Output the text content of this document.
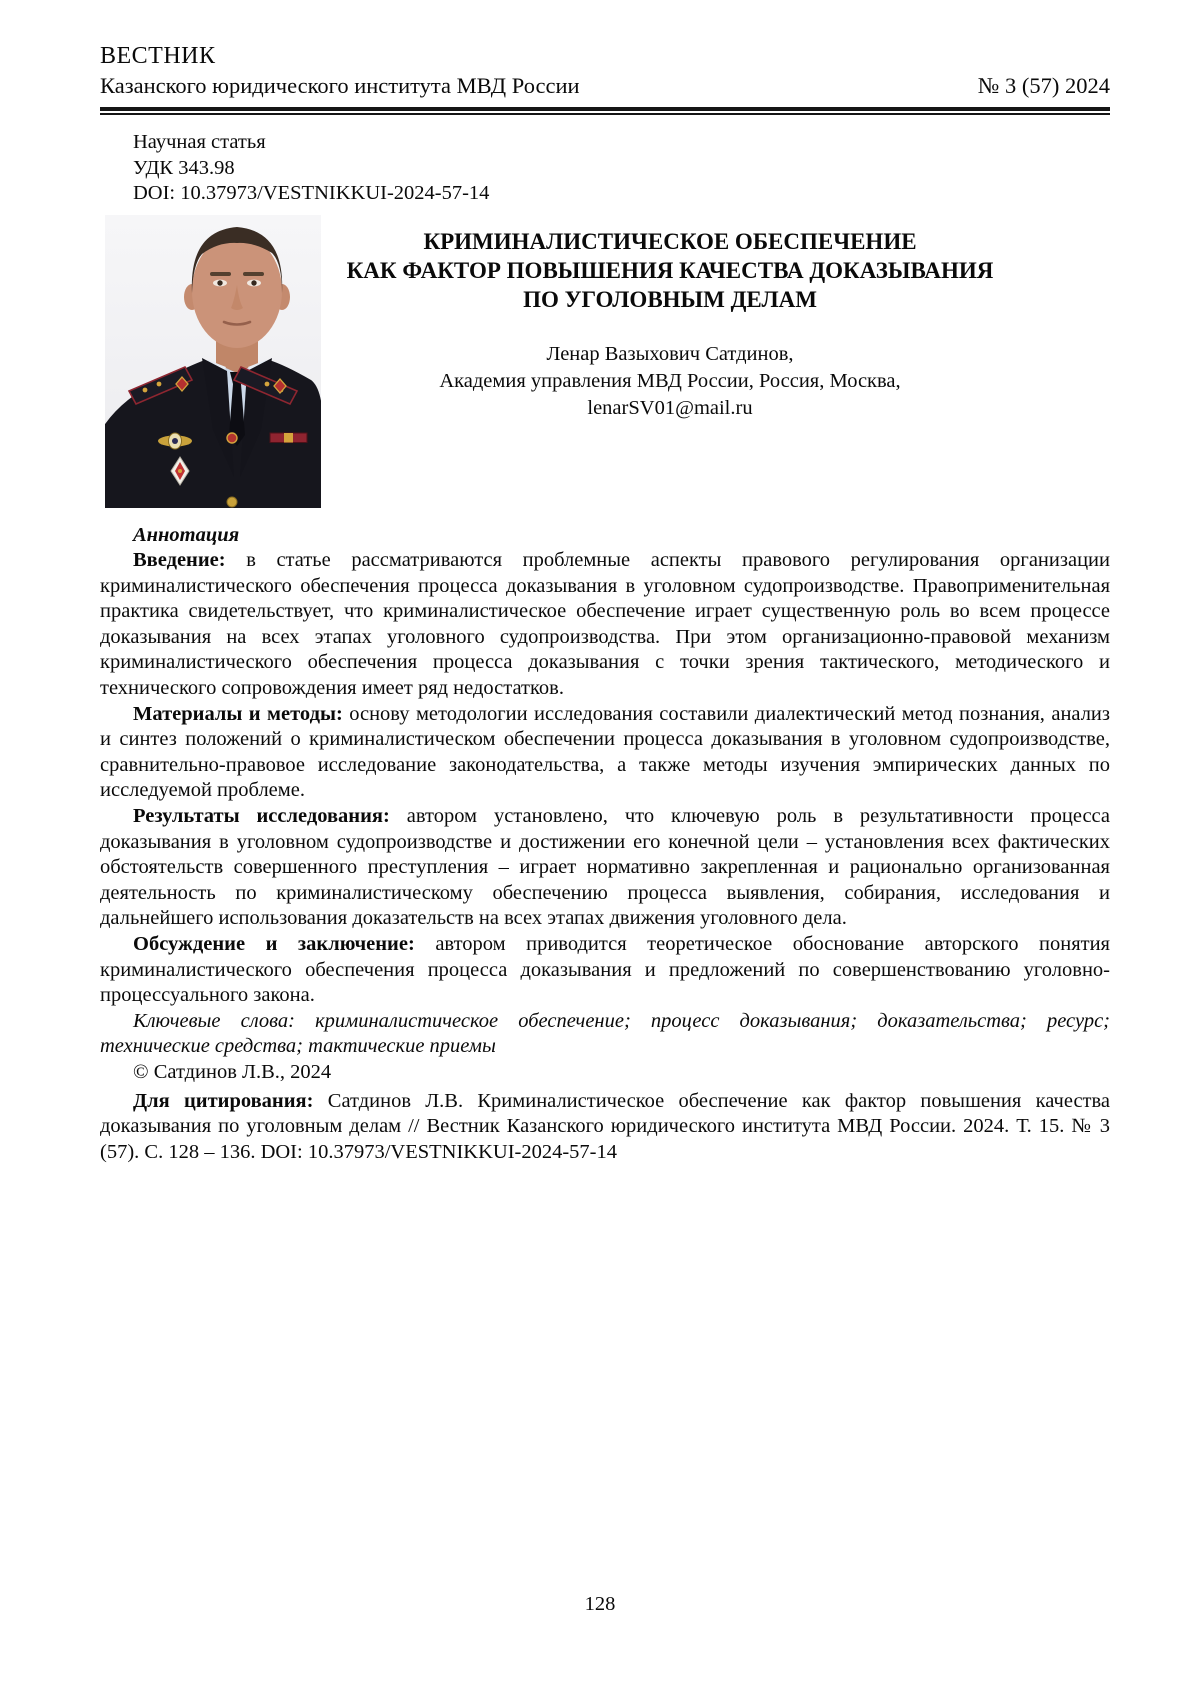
ВЕСТНИК
Казанского юридического института МВД России	№ 3 (57) 2024
Научная статья
УДК 343.98
DOI: 10.37973/VESTNIKKUI-2024-57-14
КРИМИНАЛИСТИЧЕСКОЕ ОБЕСПЕЧЕНИЕ
КАК ФАКТОР ПОВЫШЕНИЯ КАЧЕСТВА ДОКАЗЫВАНИЯ
ПО УГОЛОВНЫМ ДЕЛАМ
Ленар Вазыхович Сатдинов,
Академия управления МВД России, Россия, Москва,
lenarSV01@mail.ru

Аннотация

Введение: в статье рассматриваются проблемные аспекты правового регулирования организации криминалистического обеспечения процесса доказывания в уголовном судопроизводстве. Правоприменительная практика свидетельствует, что криминалистическое обеспечение играет существенную роль во всем процессе доказывания на всех этапах уголовного судопроизводства. При этом организационно-правовой механизм криминалистического обеспечения процесса доказывания с точки зрения тактического, методического и технического сопровождения имеет ряд недостатков.

Материалы и методы: основу методологии исследования составили диалектический метод познания, анализ и синтез положений о криминалистическом обеспечении процесса доказывания в уголовном судопроизводстве, сравнительно-правовое исследование законодательства, а также методы изучения эмпирических данных по исследуемой проблеме.

Результаты исследования: автором установлено, что ключевую роль в результативности процесса доказывания в уголовном судопроизводстве и достижении его конечной цели – установления всех фактических обстоятельств совершенного преступления – играет нормативно закрепленная и рационально организованная деятельность по криминалистическому обеспечению процесса выявления, собирания, исследования и дальнейшего использования доказательств на всех этапах движения уголовного дела.

Обсуждение и заключение: автором приводится теоретическое обоснование авторского понятия криминалистического обеспечения процесса доказывания и предложений по совершенствованию уголовно-процессуального закона.

Ключевые слова: криминалистическое обеспечение; процесс доказывания; доказательства; ресурс; технические средства; тактические приемы

© Сатдинов Л.В., 2024

Для цитирования: Сатдинов Л.В. Криминалистическое обеспечение как фактор повышения качества доказывания по уголовным делам // Вестник Казанского юридического института МВД России. 2024. Т. 15. № 3 (57). С. 128 – 136. DOI: 10.37973/VESTNIKKUI-2024-57-14

128
